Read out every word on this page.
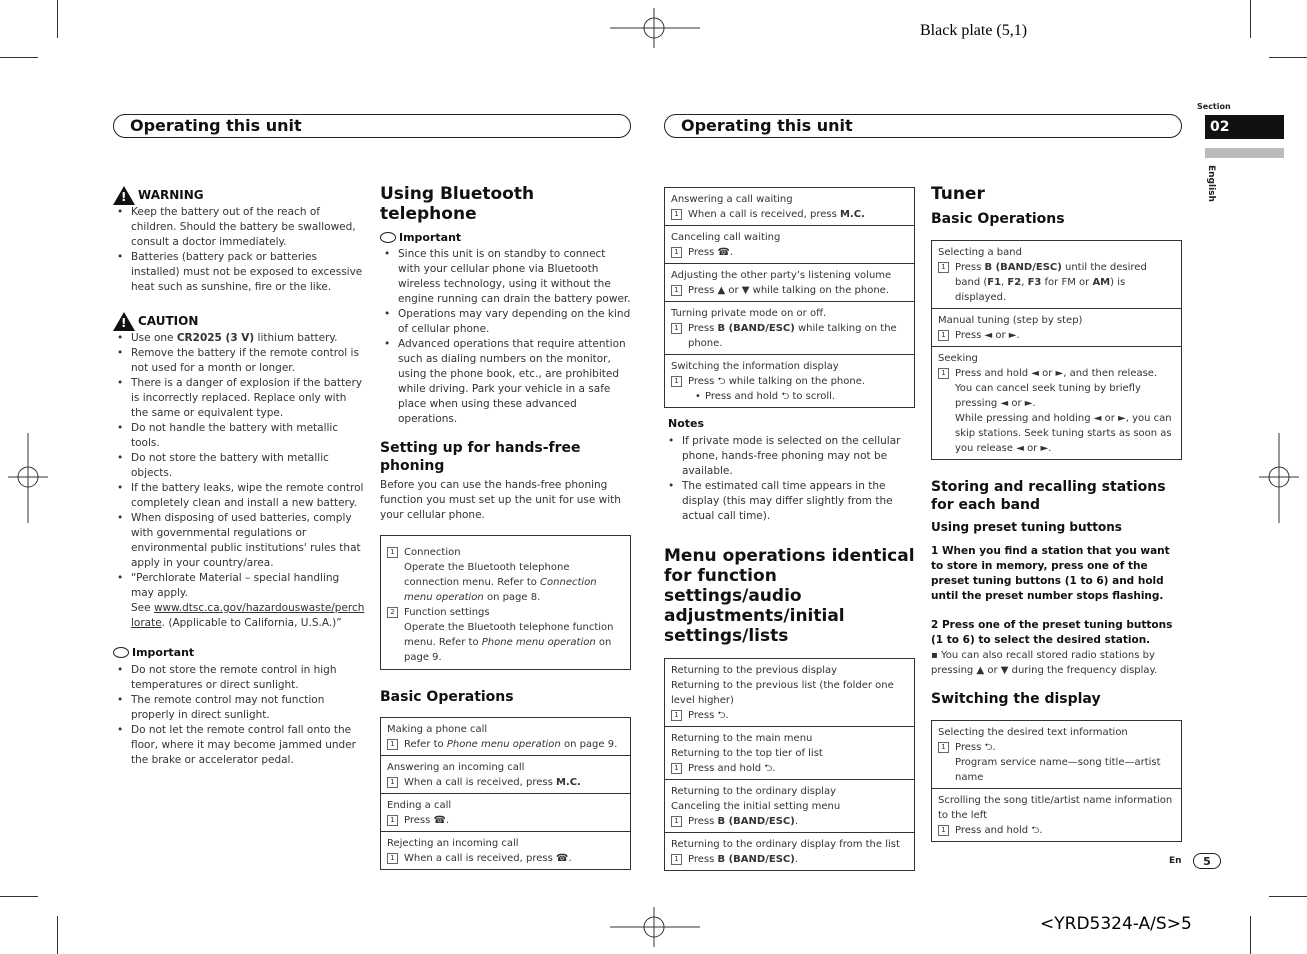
Black plate (5,1)
<YRD5324-A/S>5
Operating this unit	Operating this unit
Section
02
English
En	5
!
WARNING
• Keep the battery out of the reach of children. Should the battery be swallowed, consult a doctor immediately.
• Batteries (battery pack or batteries installed) must not be exposed to excessive heat such as sunshine, fire or the like.
!
CAUTION
• Use one CR2025 (3 V) lithium battery.
• Remove the battery if the remote control is not used for a month or longer.
• There is a danger of explosion if the battery is incorrectly replaced. Replace only with the same or equivalent type.
• Do not handle the battery with metallic tools.
• Do not store the battery with metallic objects.
• If the battery leaks, wipe the remote control completely clean and install a new battery.
• When disposing of used batteries, comply with governmental regulations or environmental public institutions' rules that apply in your country/area.
• “Perchlorate Material – special handling may apply.
See www.dtsc.ca.gov/hazardouswaste/perchlorate. (Applicable to California, U.S.A.)”
Important
• Do not store the remote control in high temperatures or direct sunlight.
• The remote control may not function properly in direct sunlight.
• Do not let the remote control fall onto the floor, where it may become jammed under the brake or accelerator pedal.
Using Bluetooth telephone
Important
• Since this unit is on standby to connect with your cellular phone via Bluetooth wireless technology, using it without the engine running can drain the battery power.
• Operations may vary depending on the kind of cellular phone.
• Advanced operations that require attention such as dialing numbers on the monitor, using the phone book, etc., are prohibited while driving. Park your vehicle in a safe place when using these advanced operations.
Setting up for hands-free phoning
Before you can use the hands-free phoning function you must set up the unit for use with your cellular phone.
1 Connection
Operate the Bluetooth telephone connection menu. Refer to Connection menu operation on page 8.
2 Function settings
Operate the Bluetooth telephone function menu. Refer to Phone menu operation on page 9.
Basic Operations
Making a phone call
1 Refer to Phone menu operation on page 9.
Answering an incoming call
1 When a call is received, press M.C.
Ending a call
1 Press ☎.
Rejecting an incoming call
1 When a call is received, press ☎.
Answering a call waiting
1 When a call is received, press M.C.
Canceling call waiting
1 Press ☎.
Adjusting the other party’s listening volume
1 Press ▲ or ▼ while talking on the phone.
Turning private mode on or off.
1 Press B (BAND/ESC) while talking on the phone.
Switching the information display
1 Press ⮌ while talking on the phone.
• Press and hold ⮌ to scroll.
Notes
• If private mode is selected on the cellular phone, hands-free phoning may not be available.
• The estimated call time appears in the display (this may differ slightly from the actual call time).
Menu operations identical for function settings/audio adjustments/initial settings/lists
Returning to the previous display
Returning to the previous list (the folder one level higher)
1 Press ⮌.
Returning to the main menu
Returning to the top tier of list
1 Press and hold ⮌.
Returning to the ordinary display
Canceling the initial setting menu
1 Press B (BAND/ESC).
Returning to the ordinary display from the list
1 Press B (BAND/ESC).
Tuner
Basic Operations
Selecting a band
1 Press B (BAND/ESC) until the desired band (F1, F2, F3 for FM or AM) is displayed.
Manual tuning (step by step)
1 Press ◄ or ►.
Seeking
1 Press and hold ◄ or ►, and then release.
You can cancel seek tuning by briefly pressing ◄ or ►.
While pressing and holding ◄ or ►, you can skip stations. Seek tuning starts as soon as you release ◄ or ►.
Storing and recalling stations for each band
Using preset tuning buttons
1 When you find a station that you want to store in memory, press one of the preset tuning buttons (1 to 6) and hold until the preset number stops flashing.
2 Press one of the preset tuning buttons (1 to 6) to select the desired station.
▪ You can also recall stored radio stations by pressing ▲ or ▼ during the frequency display.
Switching the display
Selecting the desired text information
1 Press ⮌.
Program service name—song title—artist name
Scrolling the song title/artist name information to the left
1 Press and hold ⮌.
